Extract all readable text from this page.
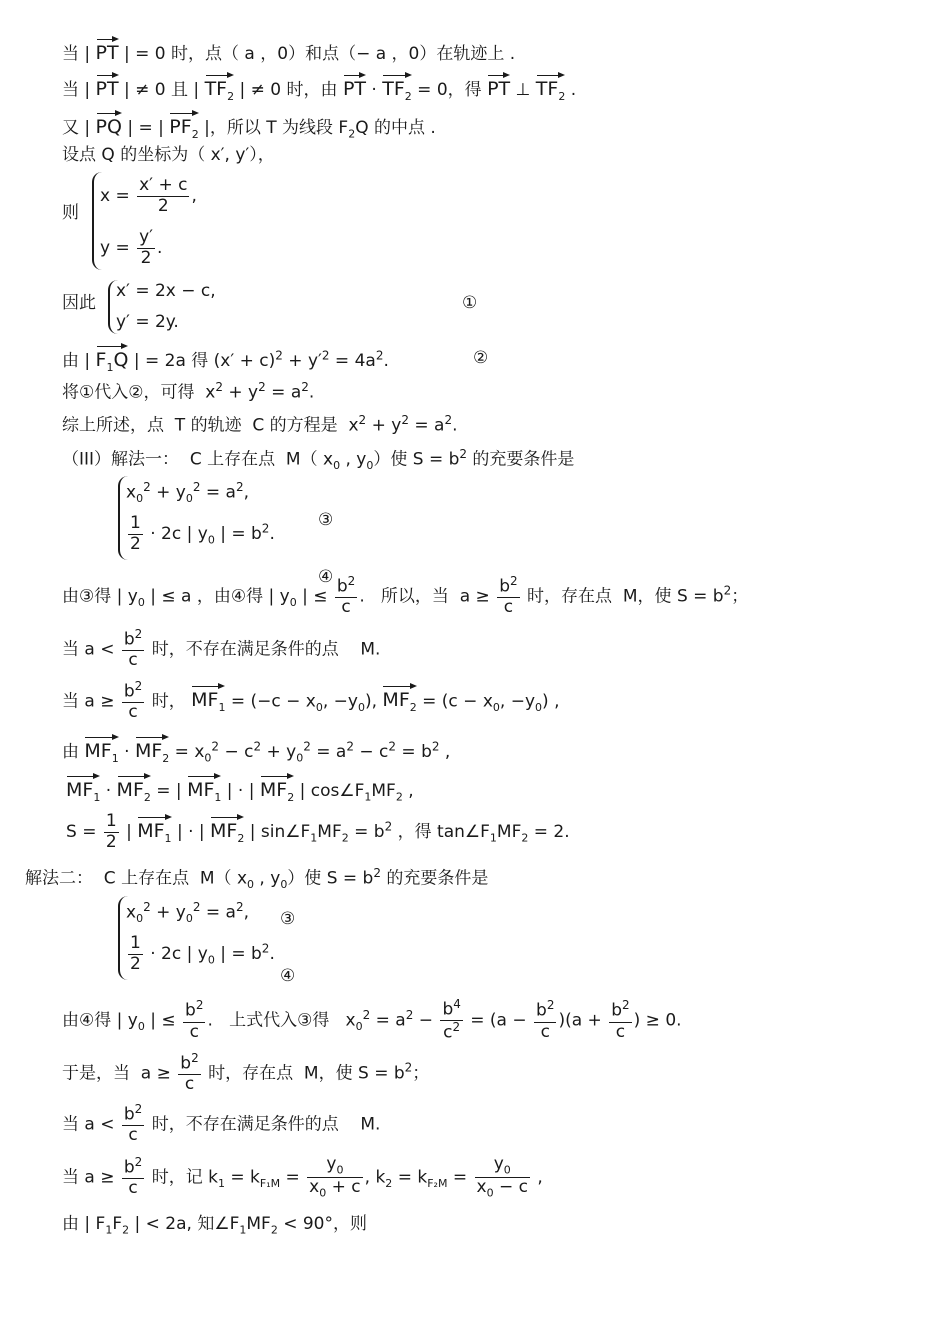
当 | PT | = 0 时，点（ a ，0）和点（− a ，0）在轨迹上 .
当 | PT | ≠ 0 且 | $TF_2$ | ≠ 0 时，由 PT · $TF_2 = 0$，得 PT ⊥ $TF_2$ .
又 | PQ | = | $PF_2$ |，所以 T 为线段 $F_2Q$ 的中点 .
设点 Q 的坐标为（ x′, y′），
则
$x = \frac{x' + c}{2}$ ,
$y = \frac{y'}{2}$ .
因此
x′ = 2x − c,
y′ = 2y.
①
由 | $F_1Q$ | = 2a 得 $(x' + c)^2 + y'^2 = 4a^2$.	②
将①代入②，可得  $x^2 + y^2 = a^2$.
综上所述，点  T 的轨迹  C 的方程是  $x^2 + y^2 = a^2$.
（III）解法一：  C 上存在点  M（ $x_0$ , $y_0$）使 $S = b^2$ 的充要条件是
$x_0^2 + y_0^2 = a^2$,
$\frac{1}{2} \cdot 2c$ | $y_0$ | = $b^2$.
③
④
由③得 | $y_0$ | ≤ a ，由④得 | $y_0$ | ≤ $\frac{b^2}{c}$ .   所以，当  $a \ge \frac{b^2}{c}$ 时，存在点  M，使 $S = b^2$；
当 $a < \frac{b^2}{c}$ 时，不存在满足条件的点    M.
当 $a \ge \frac{b^2}{c}$ 时， $MF_1 = (-c - x_0$, $-y_0$), $MF_2 = (c - x_0$, $-y_0$) ,
由 $MF_1 \cdot MF_2 = x_0^2 - c^2 + y_0^2 = a^2 - c^2 = b^2$ ,
$MF_1 \cdot MF_2$ = | $MF_1$ | · | $MF_2$ | $\cos\angle F_1MF_2$ ,
$S = \frac{1}{2}$ | $MF_1$ | · | $MF_2$ | $\sin\angle F_1MF_2 = b^2$ ，得 $\tan\angle F_1MF_2 = 2$.
解法二：  C 上存在点  M（ $x_0$ , $y_0$）使 $S = b^2$ 的充要条件是
$x_0^2 + y_0^2 = a^2$,
$\frac{1}{2} \cdot 2c$ | $y_0$ | = $b^2$.
③
④
由④得 | $y_0$ | ≤ $\frac{b^2}{c}$ .   上式代入③得   $x_0^2 = a^2 - \frac{b^4}{c^2} = (a - \frac{b^2}{c} )(a + \frac{b^2}{c}$ ) ≥ 0.
于是，当  $a \ge \frac{b^2}{c}$ 时，存在点  M，使 $S = b^2$；
当 $a < \frac{b^2}{c}$ 时，不存在满足条件的点    M.
当 $a \ge \frac{b^2}{c}$ 时，记 $k_1 = k_{F_1M} = \frac{y_0}{x_0 + c}$ , $k_2 = k_{F_2M} = \frac{y_0}{x_0 - c}$ ,
由 | $F_1F_2$ | < 2a, 知$\angle F_1MF_2 < 90^\circ$，则
